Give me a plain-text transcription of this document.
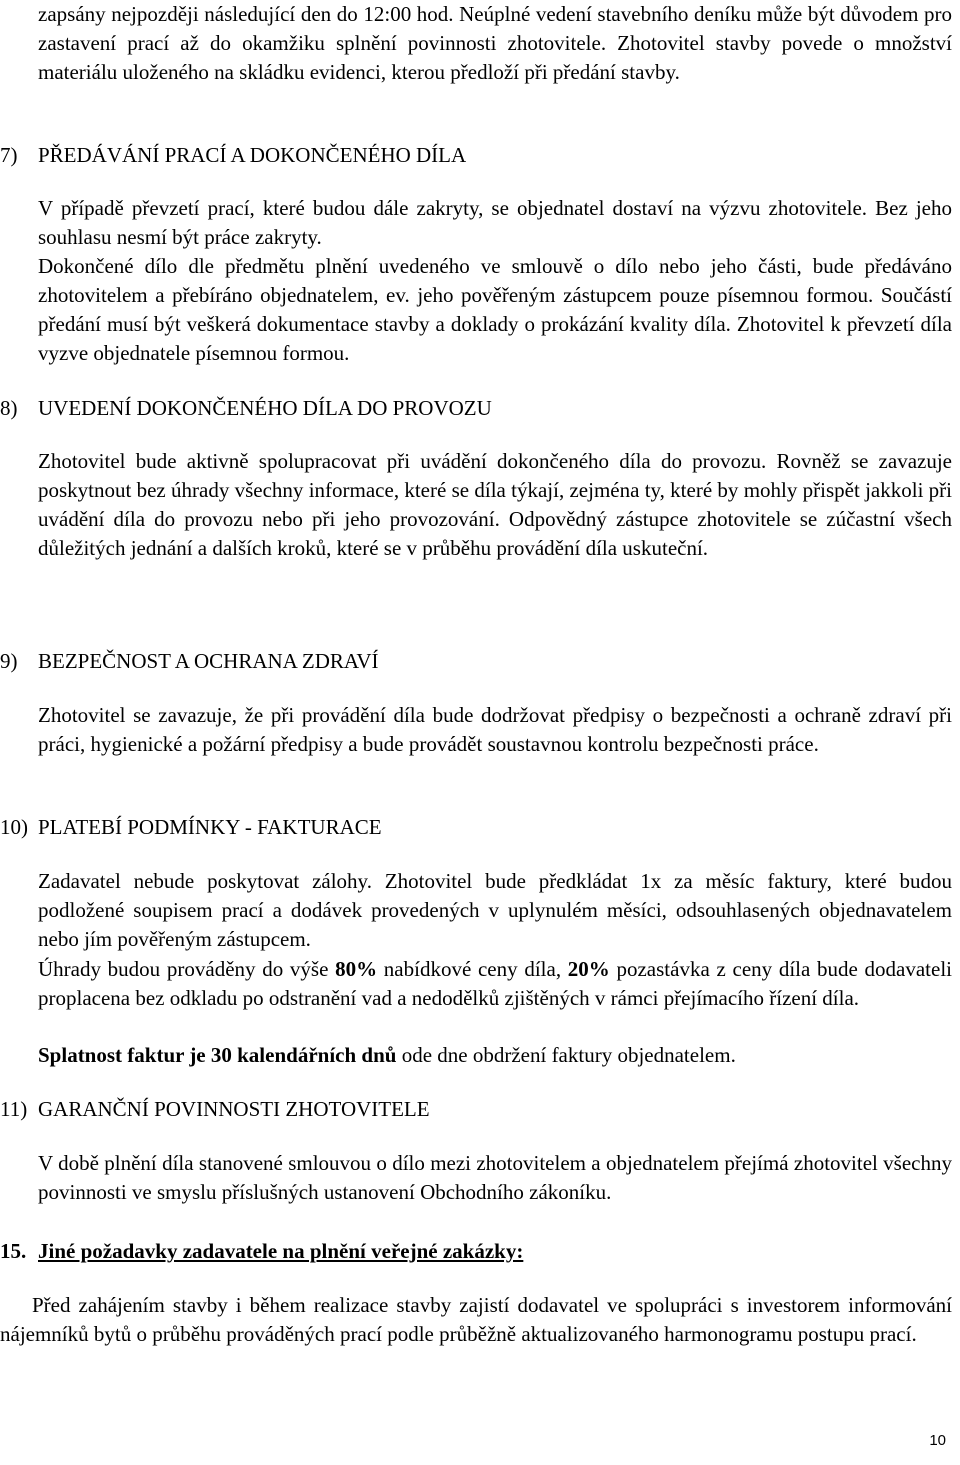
zapsány nejpozději následující den do 12:00 hod. Neúplné vedení stavebního deníku může být důvodem pro zastavení prací až do okamžiku splnění povinnosti zhotovitele. Zhotovitel stavby povede o množství materiálu uloženého na skládku evidenci, kterou předloží při předání stavby.

7) PŘEDÁVÁNÍ PRACÍ A DOKONČENÉHO DÍLA

V případě převzetí prací, které budou dále zakryty, se objednatel dostaví na výzvu zhotovitele. Bez jeho souhlasu nesmí být práce zakryty.

Dokončené dílo dle předmětu plnění uvedeného ve smlouvě o dílo nebo jeho části, bude předáváno zhotovitelem a přebíráno objednatelem, ev. jeho pověřeným zástupcem pouze písemnou formou. Součástí předání musí být veškerá dokumentace stavby a doklady o prokázání kvality díla. Zhotovitel k převzetí díla vyzve objednatele písemnou formou.

8) UVEDENÍ DOKONČENÉHO DÍLA DO PROVOZU

Zhotovitel bude aktivně spolupracovat při uvádění dokončeného díla do provozu. Rovněž se zavazuje poskytnout bez úhrady všechny informace, které se díla týkají, zejména ty, které by mohly přispět jakkoli při uvádění díla do provozu nebo při jeho provozování. Odpovědný zástupce zhotovitele se zúčastní všech důležitých jednání a dalších kroků, které se v průběhu provádění díla uskuteční.

9) BEZPEČNOST A OCHRANA ZDRAVÍ

Zhotovitel se zavazuje, že při provádění díla bude dodržovat předpisy o bezpečnosti a ochraně zdraví při práci, hygienické a požární předpisy a bude provádět soustavnou kontrolu bezpečnosti práce.

10) PLATEBÍ PODMÍNKY - FAKTURACE

Zadavatel nebude poskytovat zálohy. Zhotovitel bude předkládat 1x za měsíc faktury, které budou podložené soupisem prací a dodávek provedených v uplynulém měsíci, odsouhlasených objednavatelem nebo jím pověřeným zástupcem.

Úhrady budou prováděny do výše 80% nabídkové ceny díla, 20% pozastávka z ceny díla bude dodavateli proplacena bez odkladu po odstranění vad a nedodělků zjištěných v rámci přejímacího řízení díla.

Splatnost faktur je 30 kalendářních dnů ode dne obdržení faktury objednatelem.

11) GARANČNÍ POVINNOSTI ZHOTOVITELE

V době plnění díla stanovené smlouvou o dílo mezi zhotovitelem a objednatelem přejímá zhotovitel všechny povinnosti ve smyslu příslušných ustanovení Obchodního zákoníku.

15. Jiné požadavky zadavatele na plnění veřejné zakázky:

Před zahájením stavby i během realizace stavby zajistí dodavatel ve spolupráci s investorem informování nájemníků bytů o průběhu prováděných prací podle průběžně aktualizovaného harmonogramu postupu prací.

10
